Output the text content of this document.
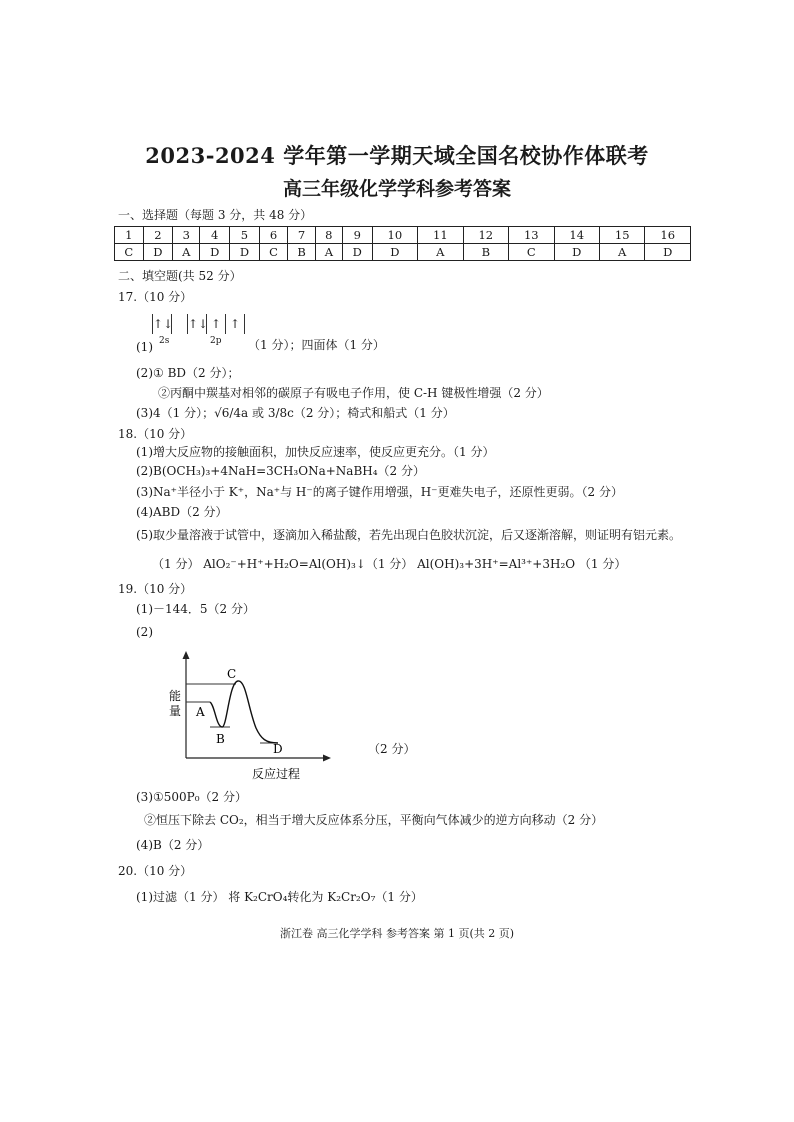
2023-2024 学年第一学期天域全国名校协作体联考
高三年级化学学科参考答案
一、选择题（每题 3 分，共 48 分）
1	2	3	4	5	6	7	8	9	10	11	12	13	14	15	16
C	D	A	D	D	C	B	A	D	D	A	B	C	D	A	D
二、填空题(共 52 分）
17.（10 分）
↑↓ ↑↓ ↑ ↑
2s	2p
(1)	（1 分）；四面体（1 分）
(2)① BD（2 分）；
②丙酮中羰基对相邻的碳原子有吸电子作用，使 C-H 键极性增强（2 分）
(3)4（1 分）；√6/4a 或 3/8c（2 分）；椅式和船式（1 分）
18.（10 分）
(1)增大反应物的接触面积，加快反应速率，使反应更充分。（1 分）
(2)B(OCH₃)₃+4NaH=3CH₃ONa+NaBH₄（2 分）
(3)Na⁺半径小于 K⁺，Na⁺与 H⁻的离子键作用增强，H⁻更难失电子，还原性更弱。（2 分）
(4)ABD（2 分）
(5)取少量溶液于试管中，逐滴加入稀盐酸，若先出现白色胶状沉淀，后又逐渐溶解，则证明有铝元素。
（1 分） AlO₂⁻+H⁺+H₂O=Al(OH)₃↓（1 分） Al(OH)₃+3H⁺=Al³⁺+3H₂O （1 分）
19.（10 分）
(1)－144．5（2 分）
(2)
能
量 A
B
C
D
反应过程
（2 分）
(3)①500P₀（2 分）
②恒压下除去 CO₂，相当于增大反应体系分压，平衡向气体减少的逆方向移动（2 分）
(4)B（2 分）
20.（10 分）
(1)过滤（1 分） 将 K₂CrO₄转化为 K₂Cr₂O₇（1 分）
浙江卷 高三化学学科 参考答案 第 1 页(共 2 页)
